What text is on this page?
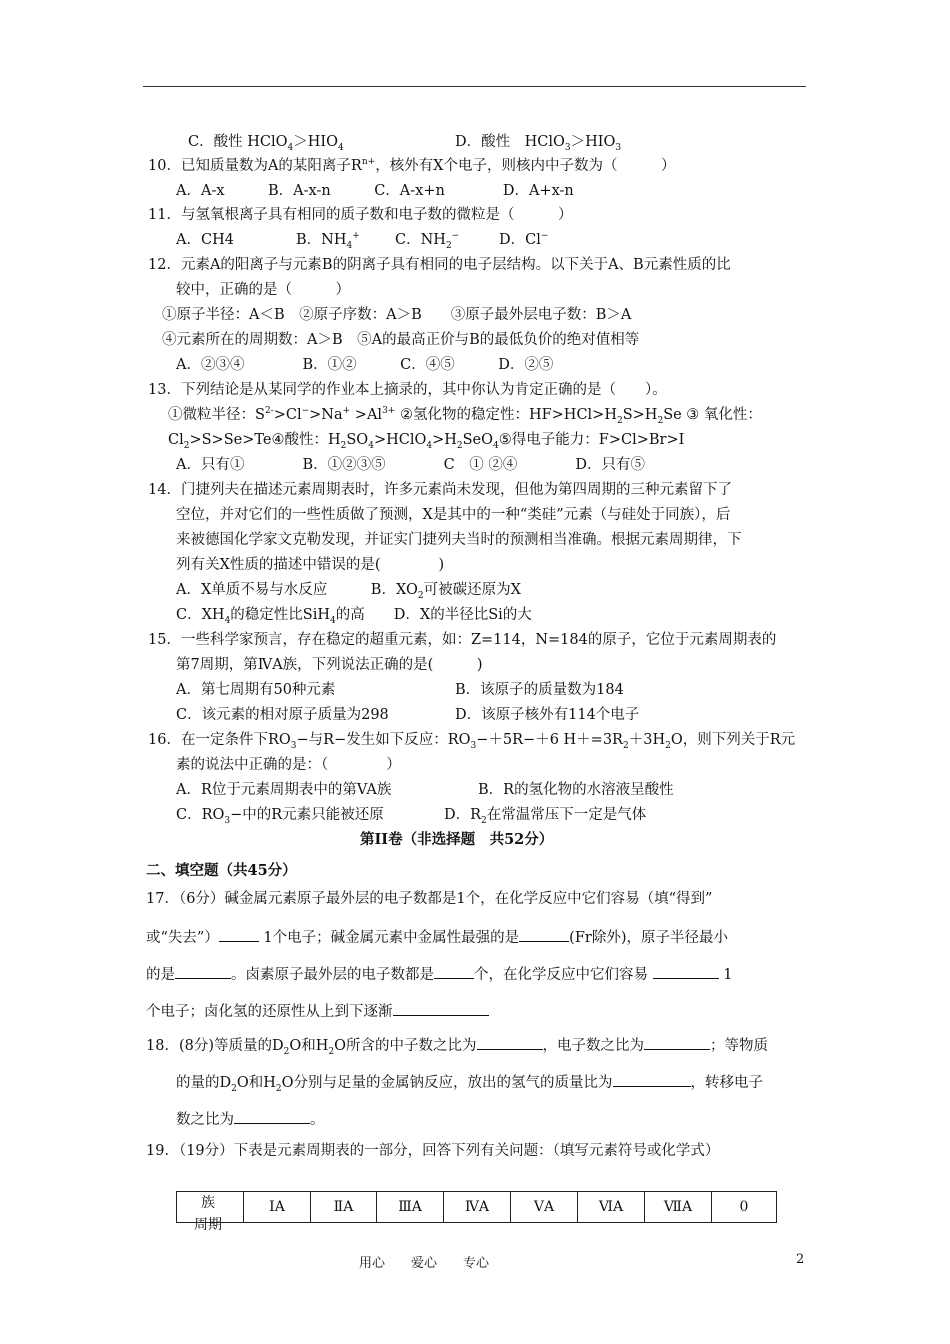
C．酸性 $HClO_4>HIO_4$	D．酸性　$HClO_3>HIO_3$
10．已知质量数为A的某阳离子$R^{n+}$，核外有X个电子，则核内中子数为（　　　）
A．A-x　　　B．A-x-n　　　C．A-x+n　　　　D．A+x-n
11．与氢氧根离子具有相同的质子数和电子数的微粒是（　　　）
A．CH4	B．$NH_4^+$ C．$NH_2^-$	D．Cl−
12．元素A的阳离子与元素B的阴离子具有相同的电子层结构。以下关于A、B元素性质的比
较中，正确的是（　　　）
①原子半径：A＜B　②原子序数：A＞B　　③原子最外层电子数：B＞A
④元素所在的周期数：A＞B　⑤A的最高正价与B的最低负价的绝对值相等
A．②③④　　　　B．①②　　　C．④⑤　　　D．②⑤
13．下列结论是从某同学的作业本上摘录的，其中你认为肯定正确的是（　　）。
①微粒半径：$S^{2-}>Cl^->Na^+ >Al^{3+}$ ②氢化物的稳定性：$HF>HCl>H_2S>H_2Se$ ③ 氧化性：
$Cl_2>S>Se>Te④$酸性：$H_2SO_4>HClO_4>H_2SeO_4⑤$得电子能力：F>Cl>Br>I
A．只有①　　　　B．①②③⑤　　　　C　① ②④　　　　D．只有⑤
14．门捷列夫在描述元素周期表时，许多元素尚未发现，但他为第四周期的三种元素留下了
空位，并对它们的一些性质做了预测，X是其中的一种“类硅”元素（与硅处于同族），后
来被德国化学家文克勒发现，并证实门捷列夫当时的预测相当准确。根据元素周期律，下
列有关X性质的描述中错误的是(　　　　)
A．X单质不易与水反应　　　B．$XO_2$可被碳还原为X
C．$XH_4$的稳定性比SiH$_4$的高　　D．X的半径比Si的大
15．一些科学家预言，存在稳定的超重元素，如：Z=114，N=184的原子，它位于元素周期表的
第7周期，第ⅣA族，下列说法正确的是(　　　)
A．第七周期有50种元素	B．该原子的质量数为184
C．该元素的相对原子质量为298	D．该原子核外有114个电子
16．在一定条件下$RO_3-$与R−发生如下反应：$RO_3-+5R-+6$ $H+=3R_2+3H_2O$，则下列关于R元
素的说法中正确的是：（　　　　）
A．R位于元素周期表中的第VA族	B．R的氢化物的水溶液呈酸性
C．$RO_3-$中的R元素只能被还原	D．$R_2$在常温常压下一定是气体
第II卷（非选择题　共52分）
二、填空题（共45分）
17．（6分）碱金属元素原子最外层的电子数都是1个，在化学反应中它们容易（填“得到”
或“失去”）	1个电子；碱金属元素中金属性最强的是	(Fr除外)，原子半径最小
的是	。卤素原子最外层的电子数都是	个，在化学反应中它们容易	1
个电子；卤化氢的还原性从上到下逐渐
18．(8分)等质量的$D_2O$和$H_2O$所含的中子数之比为	，电子数之比为	；等物质
的量的$D_2O$和$H_2O$分别与足量的金属钠反应，放出的氢气的质量比为	，转移电子
数之比为	。
19．（19分）下表是元素周期表的一部分，回答下列有关问题：（填写元素符号或化学式）
族
周期
	ⅠA	ⅡA	ⅢA	ⅣA	ⅤA	ⅥA	ⅦA	0
用心　　爱心　　专心	2
